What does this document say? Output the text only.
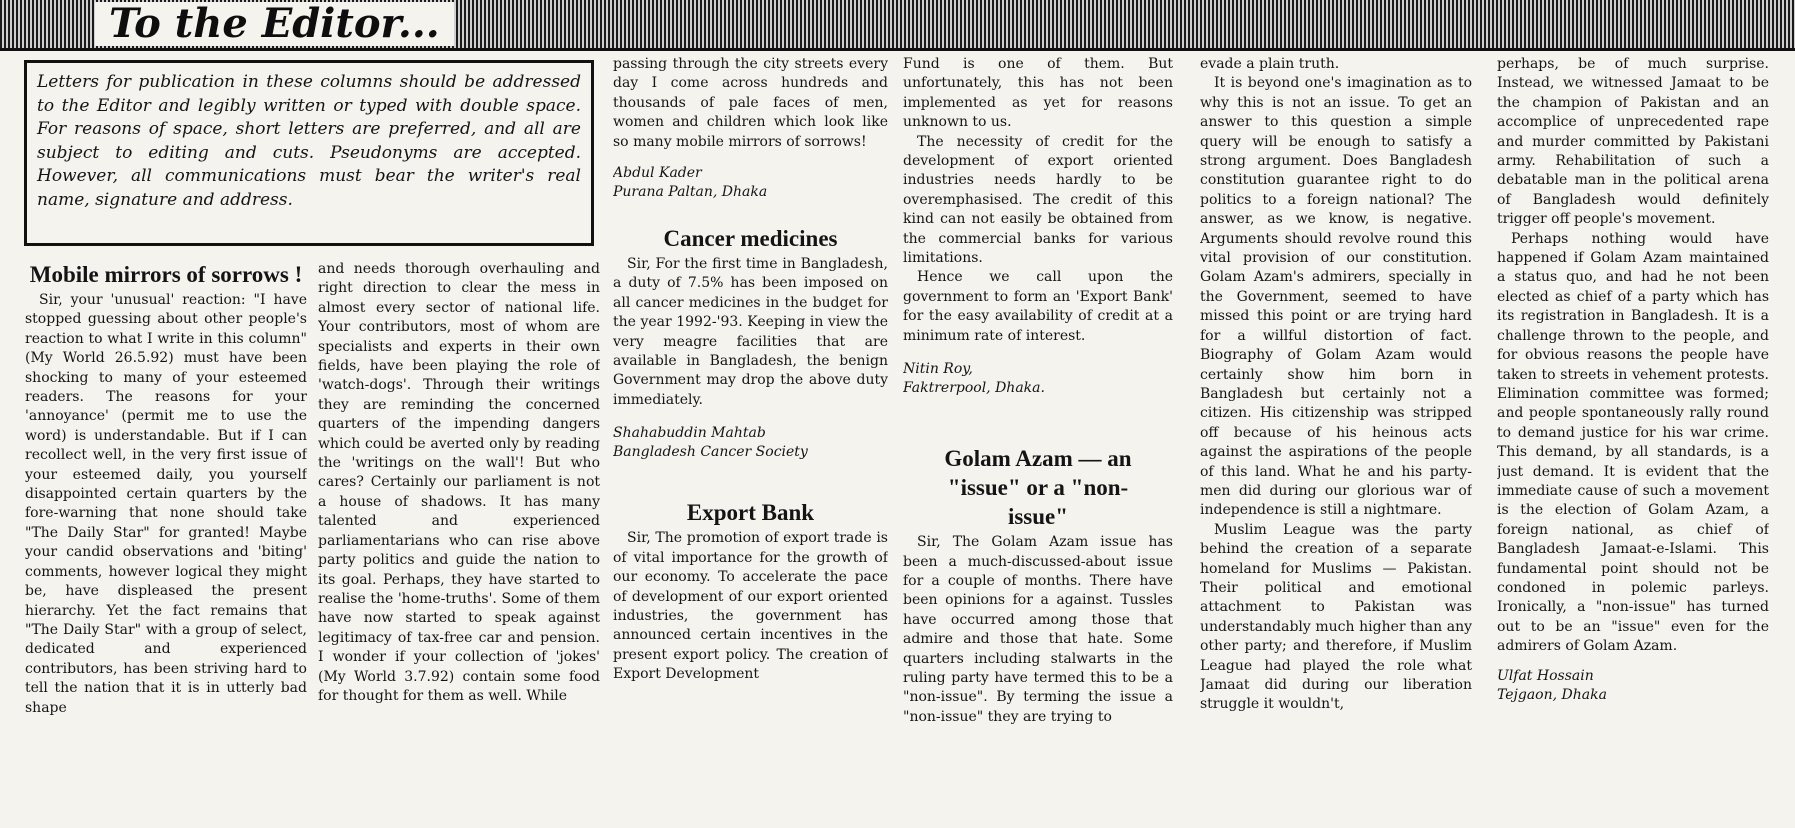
To the Editor...
Letters for publication in these columns should be addressed to the Editor and legibly written or typed with double space. For reasons of space, short letters are preferred, and all are subject to editing and cuts. Pseudonyms are accepted. However, all communications must bear the writer's real name, signature and address.
Mobile mirrors of sorrows !

Sir, your 'unusual' reaction: "I have stopped guessing about other people's reaction to what I write in this column" (My World 26.5.92) must have been shocking to many of your esteemed readers. The reasons for your 'annoyance' (permit me to use the word) is understandable. But if I can recollect well, in the very first issue of your esteemed daily, you yourself disappointed certain quarters by the fore-warning that none should take "The Daily Star" for granted! Maybe your candid observations and 'biting' comments, however logical they might be, have displeased the present hierarchy. Yet the fact remains that "The Daily Star" with a group of select, dedicated and experienced contributors, has been striving hard to tell the nation that it is in utterly bad shape

and needs thorough overhauling and right direction to clear the mess in almost every sector of national life. Your contributors, most of whom are specialists and experts in their own fields, have been playing the role of 'watch-dogs'. Through their writings they are reminding the concerned quarters of the impending dangers which could be averted only by reading the 'writings on the wall'! But who cares? Certainly our parliament is not a house of shadows. It has many talented and experienced parliamentarians who can rise above party politics and guide the nation to its goal. Perhaps, they have started to realise the 'home-truths'. Some of them have now started to speak against legitimacy of tax-free car and pension. I wonder if your collection of 'jokes' (My World 3.7.92) contain some food for thought for them as well. While

passing through the city streets every day I come across hundreds and thousands of pale faces of men, women and children which look like so many mobile mirrors of sorrows!

Abdul Kader
Purana Paltan, Dhaka
Cancer medicines

Sir, For the first time in Bangladesh, a duty of 7.5% has been imposed on all cancer medicines in the budget for the year 1992-'93. Keeping in view the very meagre facilities that are available in Bangladesh, the benign Government may drop the above duty immediately.

Shahabuddin Mahtab
Bangladesh Cancer Society
Export Bank

Sir, The promotion of export trade is of vital importance for the growth of our economy. To accelerate the pace of development of our export oriented industries, the government has announced certain incentives in the present export policy. The creation of Export Development

Fund is one of them. But unfortunately, this has not been implemented as yet for reasons unknown to us.

The necessity of credit for the development of export oriented industries needs hardly to be overemphasised. The credit of this kind can not easily be obtained from the commercial banks for various limitations.

Hence we call upon the government to form an 'Export Bank' for the easy availability of credit at a minimum rate of interest.

Nitin Roy,
Faktrerpool, Dhaka.
Golam Azam — an "issue" or a "non-issue"

Sir, The Golam Azam issue has been a much-discussed-about issue for a couple of months. There have been opinions for a against. Tussles have occurred among those that admire and those that hate. Some quarters including stalwarts in the ruling party have termed this to be a "non-issue". By terming the issue a "non-issue" they are trying to

evade a plain truth.

It is beyond one's imagination as to why this is not an issue. To get an answer to this question a simple query will be enough to satisfy a strong argument. Does Bangladesh constitution guarantee right to do politics to a foreign national? The answer, as we know, is negative. Arguments should revolve round this vital provision of our constitution. Golam Azam's admirers, specially in the Government, seemed to have missed this point or are trying hard for a willful distortion of fact. Biography of Golam Azam would certainly show him born in Bangladesh but certainly not a citizen. His citizenship was stripped off because of his heinous acts against the aspirations of the people of this land. What he and his party-men did during our glorious war of independence is still a nightmare.

Muslim League was the party behind the creation of a separate homeland for Muslims — Pakistan. Their political and emotional attachment to Pakistan was understandably much higher than any other party; and therefore, if Muslim League had played the role what Jamaat did during our liberation struggle it wouldn't,

perhaps, be of much surprise. Instead, we witnessed Jamaat to be the champion of Pakistan and an accomplice of unprecedented rape and murder committed by Pakistani army. Rehabilitation of such a debatable man in the political arena of Bangladesh would definitely trigger off people's movement.

Perhaps nothing would have happened if Golam Azam maintained a status quo, and had he not been elected as chief of a party which has its registration in Bangladesh. It is a challenge thrown to the people, and for obvious reasons the people have taken to streets in vehement protests. Elimination committee was formed; and people spontaneously rally round to demand justice for his war crime. This demand, by all standards, is a just demand. It is evident that the immediate cause of such a movement is the election of Golam Azam, a foreign national, as chief of Bangladesh Jamaat-e-Islami. This fundamental point should not be condoned in polemic parleys. Ironically, a "non-issue" has turned out to be an "issue" even for the admirers of Golam Azam.

Ulfat Hossain
Tejgaon, Dhaka
